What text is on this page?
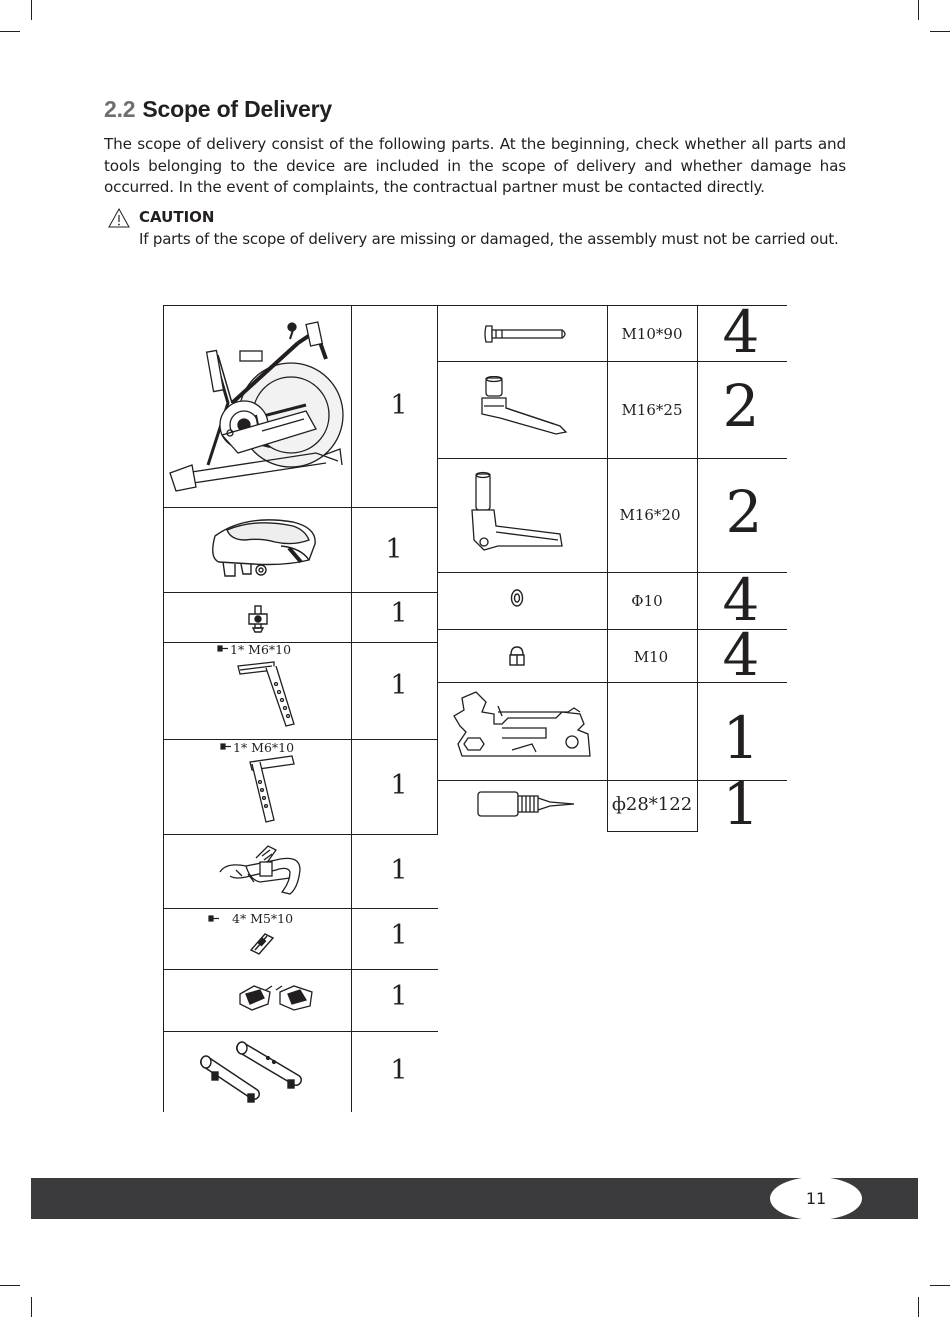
2.2 Scope of Delivery
The scope of delivery consist of the following parts. At the beginning, check whether all parts and tools belonging to the device are included in the scope of delivery and whether damage has occurred. In the event of complaints, the contractual partner must be contacted directly.
CAUTION
If parts of the scope of delivery are missing or damaged, the assembly must not be carried out.
1
1
1
1* M6*10
1
1* M6*10
1
1
4* M5*10
1
1
1
M10*90 4
M16*25 2
M16*20 2
Φ10	4
M10 4
1
ф28*122 1
11
